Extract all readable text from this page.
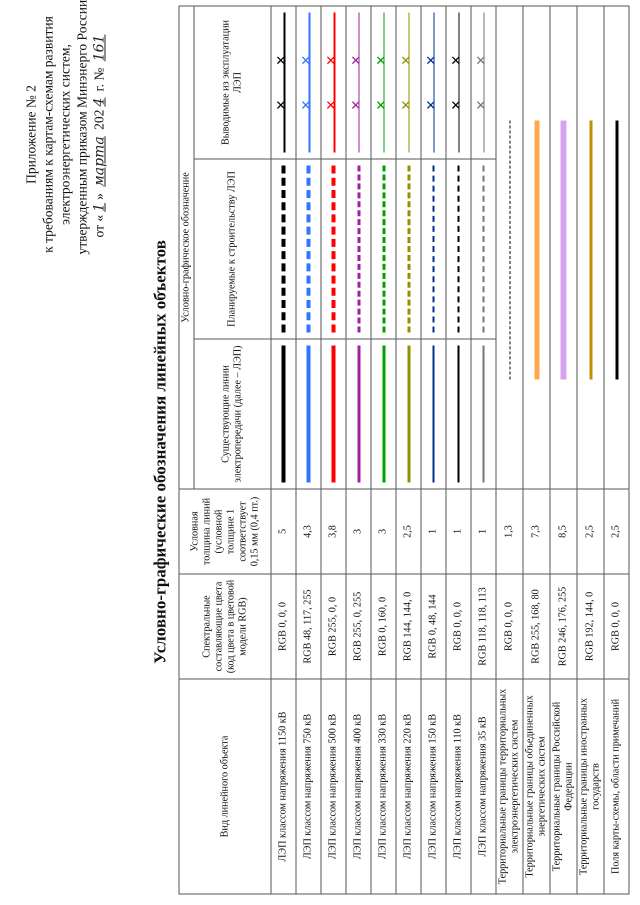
Приложение № 2 к требованиям к картам-схемам развития электроэнергетических систем, утвержденным приказом Минэнерго России от «1» марта 2024 г. № 161
Условно-графические обозначения линейных объектов
Вид линейного объекта	Спектральные составляющие цвета (код цвета в цветовой модели RGB)	Условная толщина линий (условной толщине 1 соответствует 0,15 мм (0,4 пт.)	Условно-графическое обозначение		
			Существующие линии электропередачи (далее – ЛЭП)	Планируемые к строительству ЛЭП	Выводимые из эксплуатации ЛЭП
ЛЭП классом напряжения 1150 кВ	RGB 0, 0, 0	5			✕
✕

ЛЭП классом напряжения 750 кВ	RGB 48, 117, 255	4,3			✕
✕

ЛЭП классом напряжения 500 кВ	RGB 255, 0, 0	3,8			✕
✕

ЛЭП классом напряжения 400 кВ	RGB 255, 0, 255	3			✕
✕

ЛЭП классом напряжения 330 кВ	RGB 0, 160, 0	3			✕
✕

ЛЭП классом напряжения 220 кВ	RGB 144, 144, 0	2,5			✕
✕

ЛЭП классом напряжения 150 кВ	RGB 0, 48, 144	1			✕
✕

ЛЭП классом напряжения 110 кВ	RGB 0, 0, 0	1			✕
✕

ЛЭП классом напряжения 35 кВ	RGB 118, 118, 113	1			✕
✕

Территориальные границы территориальных электроэнергетических систем	RGB 0, 0, 0	1,3			

Территориальные границы объединенных энергетических систем	RGB 255, 168, 80	7,3			

Территориальные границы Российской Федерации	RGB 246, 176, 255	8,5			

Территориальные границы иностранных государств	RGB 192, 144, 0	2,5			

Поля карты-схемы, области примечаний	RGB 0, 0, 0	2,5			
